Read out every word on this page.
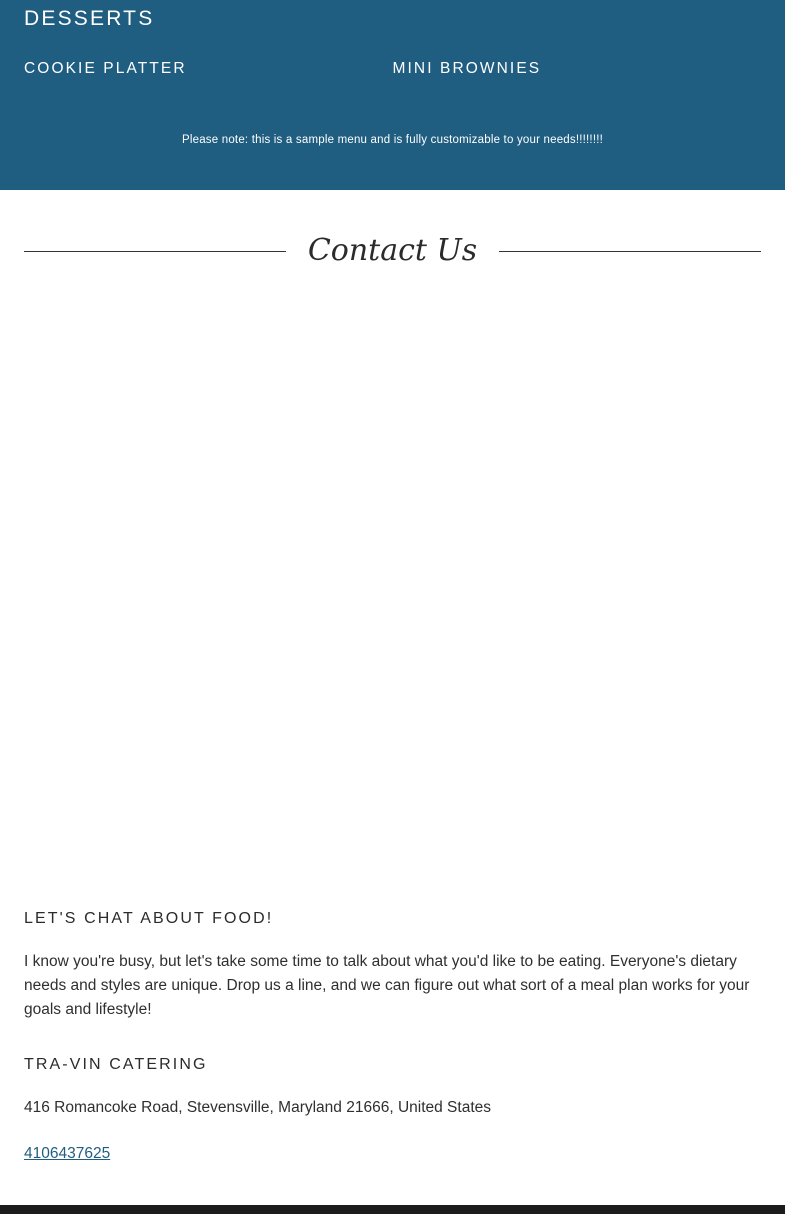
DESSERTS
COOKIE PLATTER	MINI BROWNIES
Please note: this is a sample menu and is fully customizable to your needs!!!!!!!!
Contact Us
LET'S CHAT ABOUT FOOD!

I know you're busy, but let's take some time to talk about what you'd like to be eating. Everyone's dietary needs and styles are unique. Drop us a line, and we can figure out what sort of a meal plan works for your goals and lifestyle!

TRA-VIN CATERING

416 Romancoke Road, Stevensville, Maryland 21666, United States

4106437625
